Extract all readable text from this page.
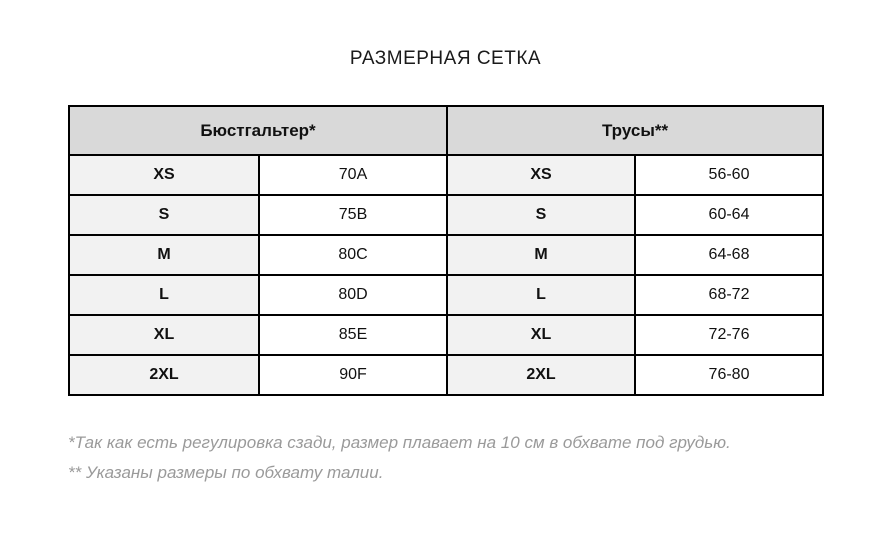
РАЗМЕРНАЯ СЕТКА
Бюстгальтер*		Трусы**	
XS	70A	XS	56-60
S	75B	S	60-64
M	80C	M	64-68
L	80D	L	68-72
XL	85E	XL	72-76
2XL	90F	2XL	76-80

*Так как есть регулировка сзади, размер плавает на 10 см в обхвате под грудью.

** Указаны размеры по обхвату талии.
